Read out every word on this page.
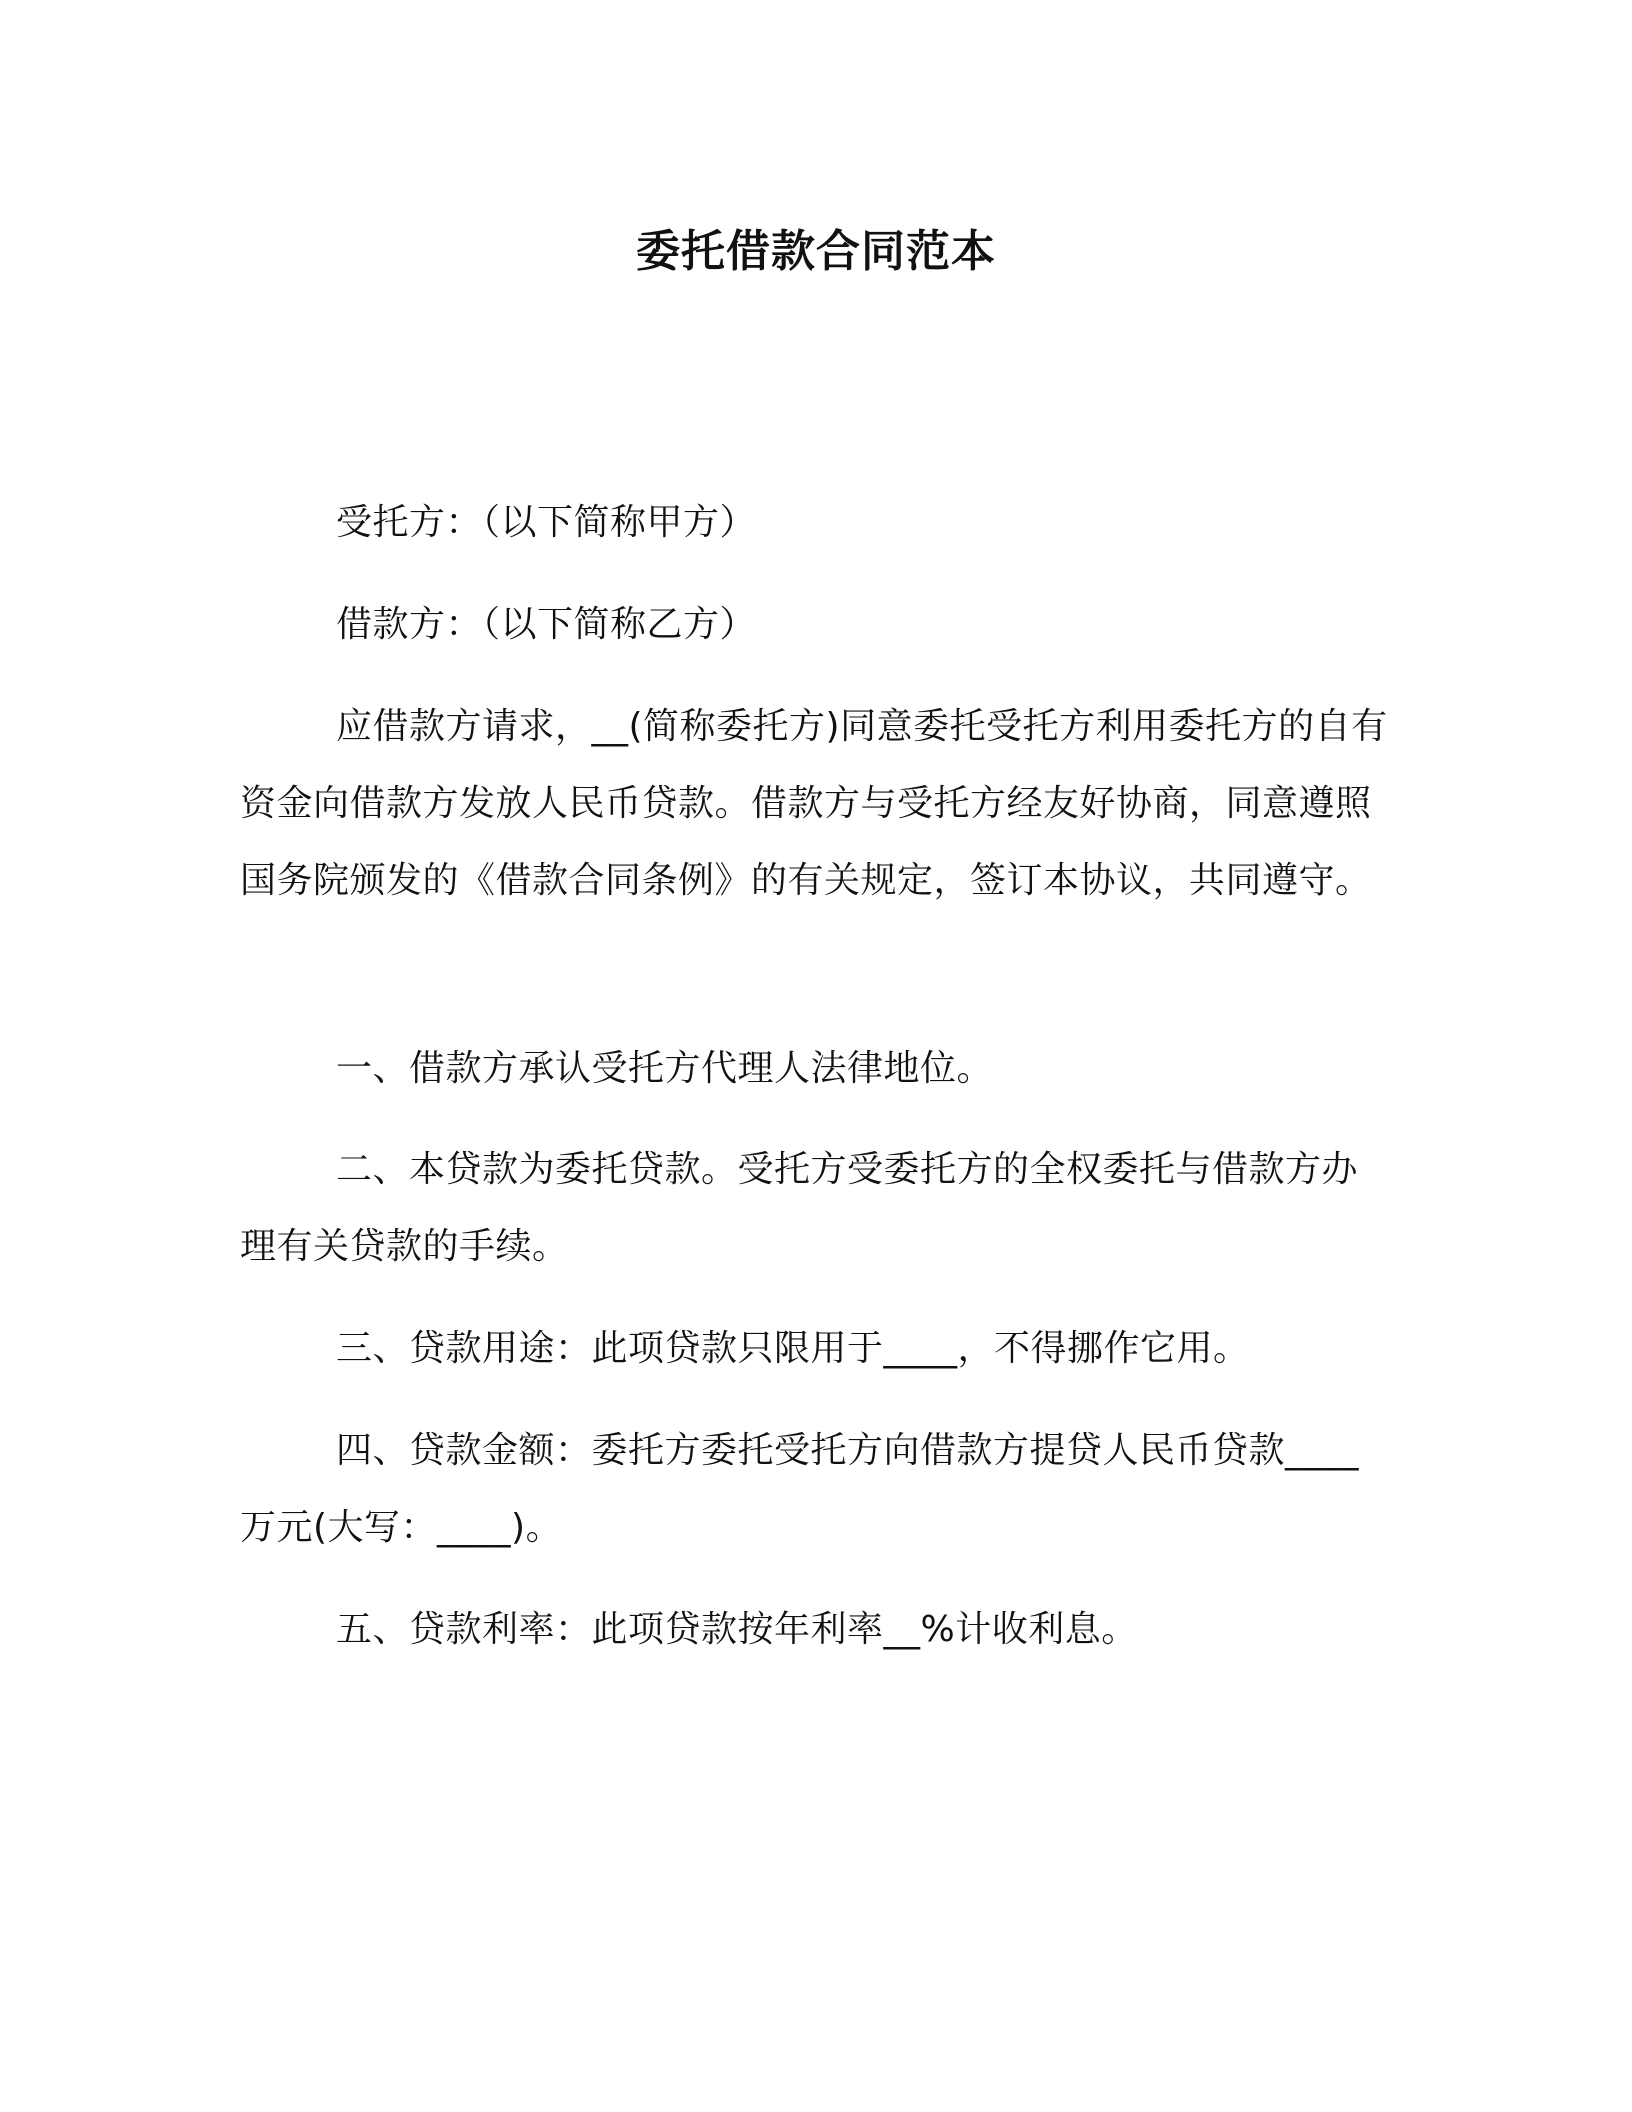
委托借款合同范本

受托方：（以下简称甲方）

借款方：（以下简称乙方）

应借款方请求，__(简称委托方)同意委托受托方利用委托方的自有资金向借款方发放人民币贷款。借款方与受托方经友好协商，同意遵照国务院颁发的《借款合同条例》的有关规定，签订本协议，共同遵守。

一、借款方承认受托方代理人法律地位。

二、本贷款为委托贷款。受托方受委托方的全权委托与借款方办理有关贷款的手续。

三、贷款用途：此项贷款只限用于____，不得挪作它用。

四、贷款金额：委托方委托受托方向借款方提贷人民币贷款____万元(大写：____)。

五、贷款利率：此项贷款按年利率__%计收利息。
